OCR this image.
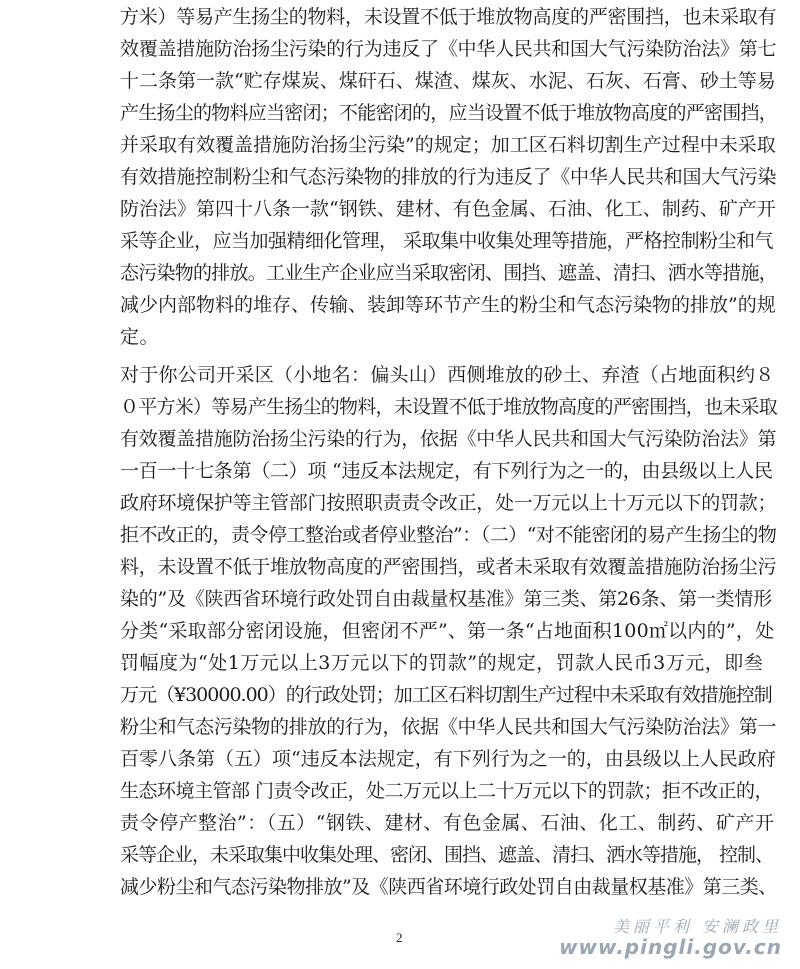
方米）等易产生扬尘的物料，未设置不低于堆放物高度的严密围挡，也未采取有
效覆盖措施防治扬尘污染的行为违反了《中华人民共和国大气污染防治法》第七
十二条第一款“贮存煤炭、煤矸石、煤渣、煤灰、水泥、石灰、石膏、砂土等易
产生扬尘的物料应当密闭；不能密闭的，应当设置不低于堆放物高度的严密围挡，
并采取有效覆盖措施防治扬尘污染”的规定；加工区石料切割生产过程中未采取
有效措施控制粉尘和气态污染物的排放的行为违反了《中华人民共和国大气污染
防治法》第四十八条一款“钢铁、建材、有色金属、石油、化工、制药、矿产开
采等企业，应当加强精细化管理， 采取集中收集处理等措施，严格控制粉尘和气
态污染物的排放。工业生产企业应当采取密闭、围挡、遮盖、清扫、洒水等措施，
减少内部物料的堆存、传输、装卸等环节产生的粉尘和气态污染物的排放”的规
定。
对于你公司开采区（小地名：偏头山）西侧堆放的砂土、弃渣（占地面积约８
０平方米）等易产生扬尘的物料，未设置不低于堆放物高度的严密围挡，也未采取
有效覆盖措施防治扬尘污染的行为，依据《中华人民共和国大气污染防治法》第
一百一十七条第（二）项 “违反本法规定，有下列行为之一的，由县级以上人民
政府环境保护等主管部门按照职责责令改正，处一万元以上十万元以下的罚款；
拒不改正的，责令停工整治或者停业整治”：（二）“对不能密闭的易产生扬尘的物
料，未设置不低于堆放物高度的严密围挡，或者未采取有效覆盖措施防治扬尘污
染的”及《陕西省环境行政处罚自由裁量权基准》第三类、第26条、第一类情形
分类“采取部分密闭设施，但密闭不严”、第一条“占地面积100㎡以内的”，处
罚幅度为“处1万元以上3万元以下的罚款”的规定，罚款人民币3万元，即叁
万元（¥30000.00）的行政处罚；加工区石料切割生产过程中未采取有效措施控制
粉尘和气态污染物的排放的行为，依据《中华人民共和国大气污染防治法》第一
百零八条第（五）项“违反本法规定，有下列行为之一的，由县级以上人民政府
生态环境主管部 门责令改正，处二万元以上二十万元以下的罚款；拒不改正的，
责令停产整治”：（五）“钢铁、建材、有色金属、石油、化工、制药、矿产开
采等企业，未采取集中收集处理、密闭、围挡、遮盖、清扫、洒水等措施， 控制、
减少粉尘和气态污染物排放”及《陕西省环境行政处罚自由裁量权基准》第三类、
2
美丽平利 安澜政里
www.pingli.gov.cn
